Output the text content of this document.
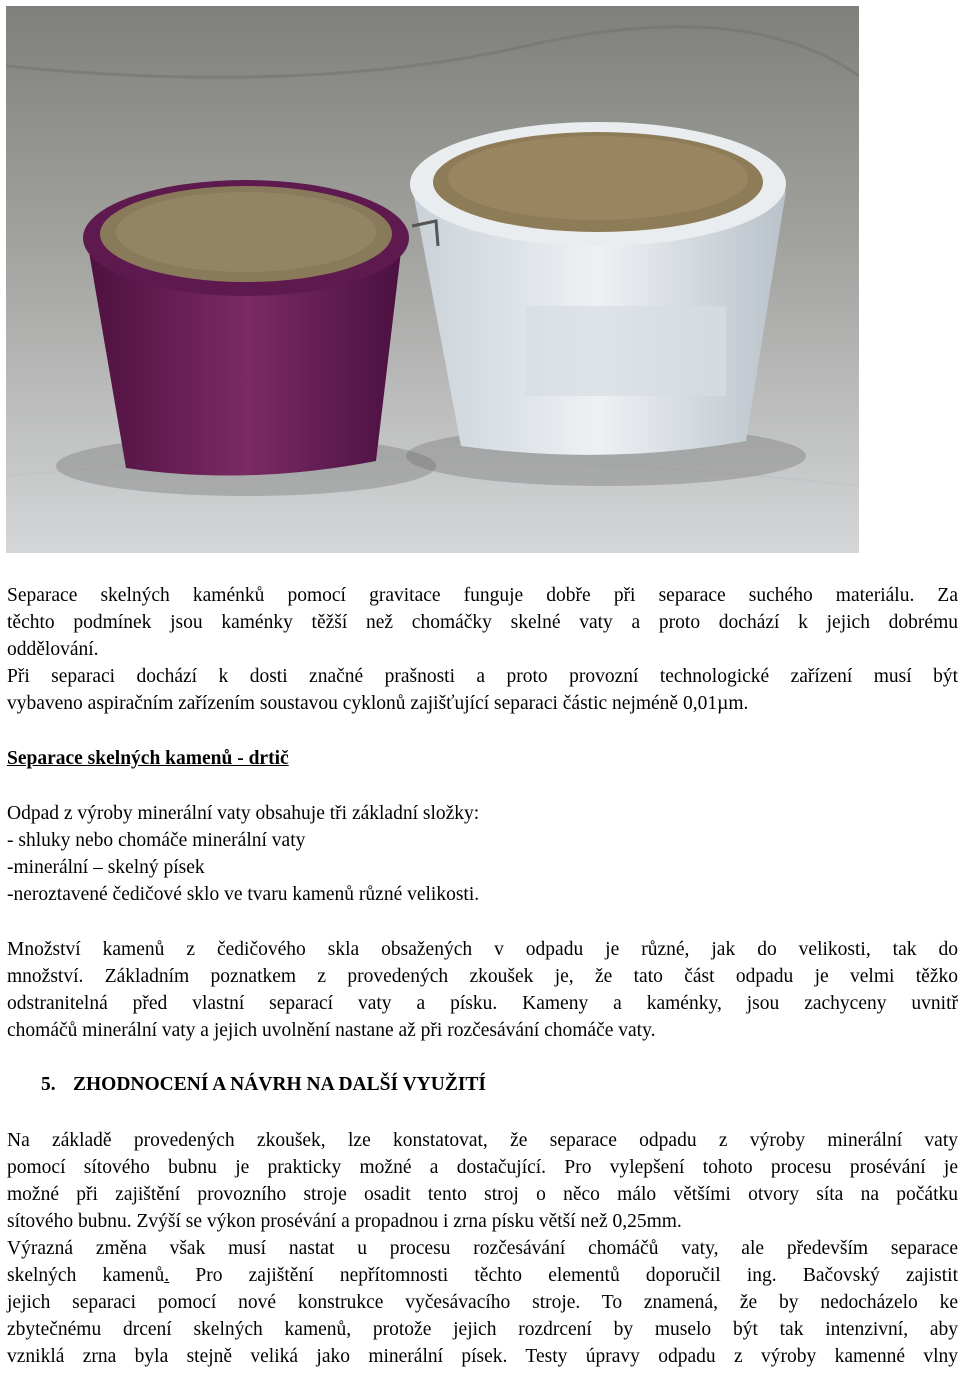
Separace skelných kaménků pomocí gravitace funguje dobře při separace suchého materiálu. Za

těchto podmínek jsou kaménky těžší než chomáčky skelné vaty a proto dochází k jejich dobrému

oddělování.

Při separaci dochází k dosti značné prašnosti a proto provozní technologické zařízení musí být

vybaveno aspiračním zařízením soustavou cyklonů zajišťující separaci částic nejméně 0,01µm.

Separace skelných kamenů - drtič

Odpad z výroby minerální vaty obsahuje tři základní složky:

- shluky nebo chomáče minerální vaty

-minerální – skelný písek

-neroztavené čedičové sklo ve tvaru kamenů různé velikosti.

Množství kamenů z čedičového skla obsažených v odpadu je různé, jak do velikosti, tak do

množství. Základním poznatkem z provedených zkoušek je, že tato část odpadu je velmi těžko

odstranitelná před vlastní separací vaty a písku. Kameny a kaménky, jsou zachyceny uvnitř

chomáčů minerální vaty a jejich uvolnění nastane až při rozčesávání chomáče vaty.

5. ZHODNOCENÍ A NÁVRH NA DALŠÍ VYUŽITÍ

Na základě provedených zkoušek, lze konstatovat, že separace odpadu z výroby minerální vaty

pomocí sítového bubnu je prakticky možné a dostačující. Pro vylepšení tohoto procesu prosévání je

možné při zajištění provozního stroje osadit tento stroj o něco málo většími otvory síta na počátku

sítového bubnu. Zvýší se výkon prosévání a propadnou i zrna písku větší než 0,25mm.

Výrazná změna však musí nastat u procesu rozčesávání chomáčů vaty, ale především separace

skelných kamenů. Pro zajištění nepřítomnosti těchto elementů doporučil ing. Bačovský zajistit

jejich separaci pomocí nové konstrukce vyčesávacího stroje. To znamená, že by nedocházelo ke

zbytečnému drcení skelných kamenů, protože jejich rozdrcení by muselo být tak intenzivní, aby

vzniklá zrna byla stejně veliká jako minerální písek. Testy úpravy odpadu z výroby kamenné vlny
